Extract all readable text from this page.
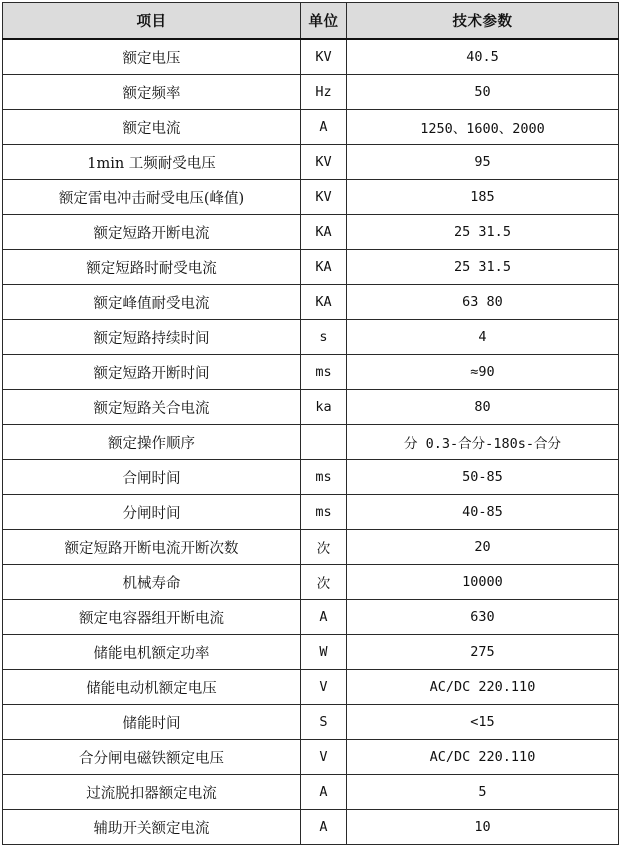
项目	单位	技术参数
额定电压	KV	40.5
额定频率	Hz	50
额定电流	A	1250、1600、2000
1min 工频耐受电压	KV	95
额定雷电冲击耐受电压(峰值)	KV	185
额定短路开断电流	KA	25 31.5
额定短路时耐受电流	KA	25 31.5
额定峰值耐受电流	KA	63 80
额定短路持续时间	s	4
额定短路开断时间	ms	≈90
额定短路关合电流	ka	80
额定操作顺序		分 0.3-合分-180s-合分
合闸时间	ms	50-85
分闸时间	ms	40-85
额定短路开断电流开断次数	次	20
机械寿命	次	10000
额定电容器组开断电流	A	630
储能电机额定功率	W	275
储能电动机额定电压	V	AC/DC 220.110
储能时间	S	<15
合分闸电磁铁额定电压	V	AC/DC 220.110
过流脱扣器额定电流	A	5
辅助开关额定电流	A	10
